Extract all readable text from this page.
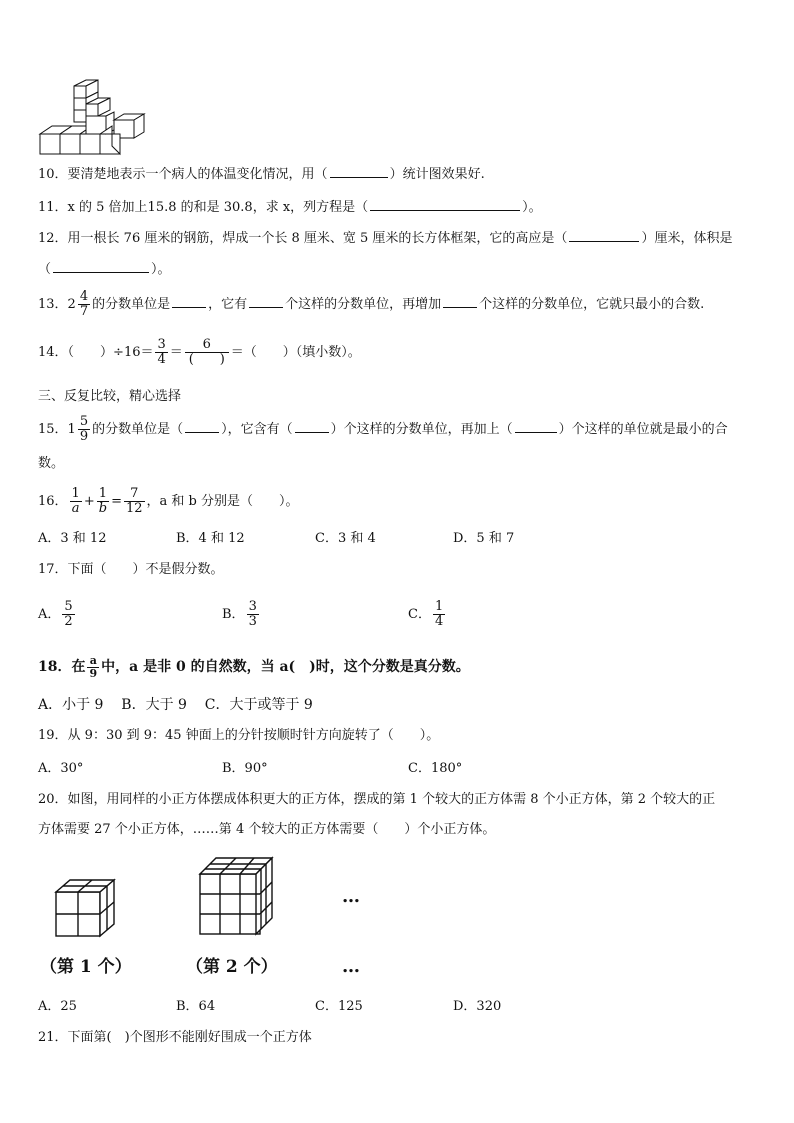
10．要清楚地表示一个病人的体温变化情况，用（	）统计图效果好.
11．x 的 5 倍加上15.8 的和是 30.8，求 x，列方程是（	）。
12．用一根长 76 厘米的钢筋，焊成一个长 8 厘米、宽 5 厘米的长方体框架，它的高应是（	）厘米，体积是
（	）。
13．$2 \frac{4}{7}$ 的分数单位是	，它有	个这样的分数单位，再增加	个这样的分数单位，它就只最小的合数.
14．（　　）$\div 16= \frac{3}{4} = \frac{6}{( )}$ ＝（　　）（填小数）。
三、反复比较，精心选择
15．$1 \frac{5}{9}$ 的分数单位是（	），它含有（	）个这样的分数单位，再加上（	）个这样的单位就是最小的合
数。
16． $\frac{1}{a} + \frac{1}{b} = \frac{7}{12}$ ，a 和 b 分别是（　　）。
A．3 和 12	B．4 和 12	C．3 和 4	D．5 和 7
17．下面（　　）不是假分数。
A． $\frac{5}{2}$	B． $\frac{3}{3}$	C． $\frac{1}{4}$
18．在 $\frac{a}{9}$ 中，a 是非 0 的自然数，当 a(　)时，这个分数是真分数。
A．小于 9 B．大于 9 C．大于或等于 9
19．从 9：30 到 9：45 钟面上的分针按顺时针方向旋转了（　　）。
A．30°	B．90°	C．180°
20．如图，用同样的小正方体摆成体积更大的正方体，摆成的第 1 个较大的正方体需 8 个小正方体，第 2 个较大的正
方体需要 27 个小正方体，……第 4 个较大的正方体需要（　　）个小正方体。
…
（第 1 个）	（第 2 个）	…
A．25	B．64	C．125	D．320
21．下面第(　)个图形不能刚好围成一个正方体
